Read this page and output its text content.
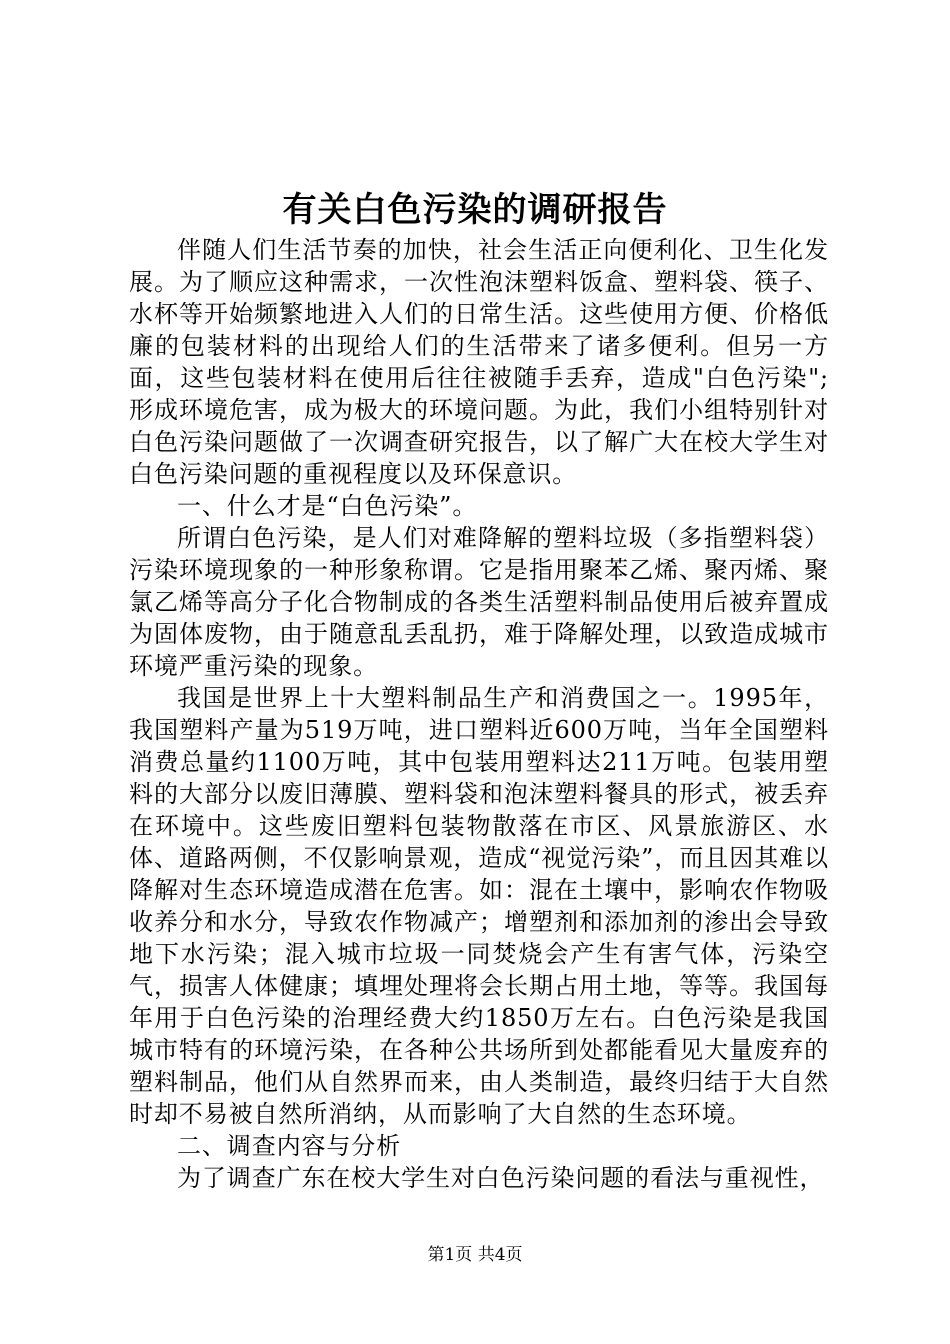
有关白色污染的调研报告

伴随人们生活节奏的加快，社会生活正向便利化、卫生化发展。为了顺应这种需求，一次性泡沫塑料饭盒、塑料袋、筷子、水杯等开始频繁地进入人们的日常生活。这些使用方便、价格低廉的包装材料的出现给人们的生活带来了诸多便利。但另一方面，这些包装材料在使用后往往被随手丢弃，造成"白色污染";形成环境危害，成为极大的环境问题。为此，我们小组特别针对白色污染问题做了一次调查研究报告，以了解广大在校大学生对白色污染问题的重视程度以及环保意识。

一、什么才是“白色污染”。

所谓白色污染，是人们对难降解的塑料垃圾（多指塑料袋）污染环境现象的一种形象称谓。它是指用聚苯乙烯、聚丙烯、聚氯乙烯等高分子化合物制成的各类生活塑料制品使用后被弃置成为固体废物，由于随意乱丢乱扔，难于降解处理，以致造成城市环境严重污染的现象。

我国是世界上十大塑料制品生产和消费国之一。1995年，我国塑料产量为519万吨，进口塑料近600万吨，当年全国塑料消费总量约1100万吨，其中包装用塑料达211万吨。包装用塑料的大部分以废旧薄膜、塑料袋和泡沫塑料餐具的形式，被丢弃在环境中。这些废旧塑料包装物散落在市区、风景旅游区、水体、道路两侧，不仅影响景观，造成“视觉污染”，而且因其难以降解对生态环境造成潜在危害。如：混在土壤中，影响农作物吸收养分和水分，导致农作物减产；增塑剂和添加剂的渗出会导致地下水污染；混入城市垃圾一同焚烧会产生有害气体，污染空气，损害人体健康；填埋处理将会长期占用土地，等等。我国每年用于白色污染的治理经费大约1850万左右。白色污染是我国城市特有的环境污染，在各种公共场所到处都能看见大量废弃的塑料制品，他们从自然界而来，由人类制造，最终归结于大自然时却不易被自然所消纳，从而影响了大自然的生态环境。

二、调查内容与分析

为了调查广东在校大学生对白色污染问题的看法与重视性，

第1页 共4页
